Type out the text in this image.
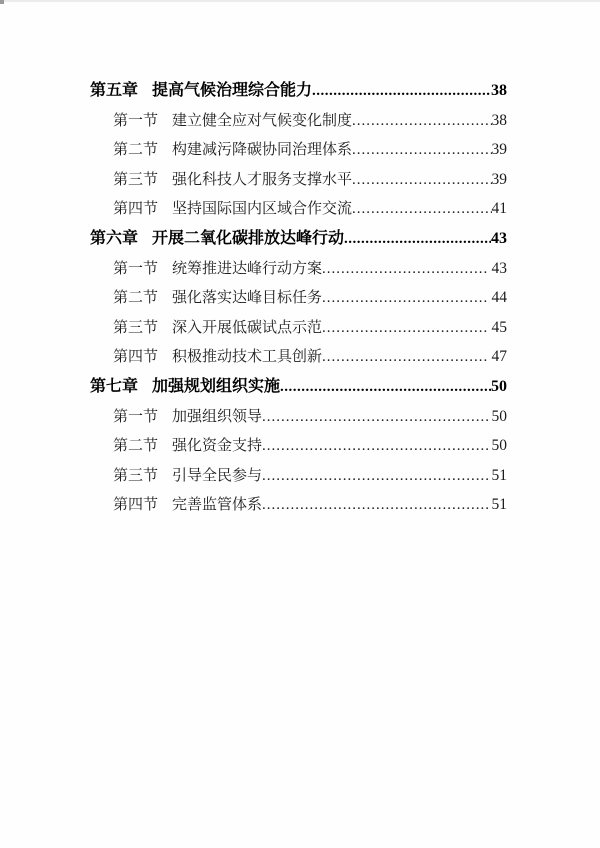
第五章 提高气候治理综合能力 .....	38
第一节 建立健全应对气候变化制度 .....	38
第二节 构建减污降碳协同治理体系 .....	39
第三节 强化科技人才服务支撑水平 .....	39
第四节 坚持国际国内区域合作交流 .....	41
第六章 开展二氧化碳排放达峰行动 .....	43
第一节 统筹推进达峰行动方案 .....	43
第二节 强化落实达峰目标任务 .....	44
第三节 深入开展低碳试点示范 .....	45
第四节 积极推动技术工具创新 .....	47
第七章 加强规划组织实施 .....	50
第一节 加强组织领导 .....	50
第二节 强化资金支持 .....	50
第三节 引导全民参与 .....	51
第四节 完善监管体系 .....	51
